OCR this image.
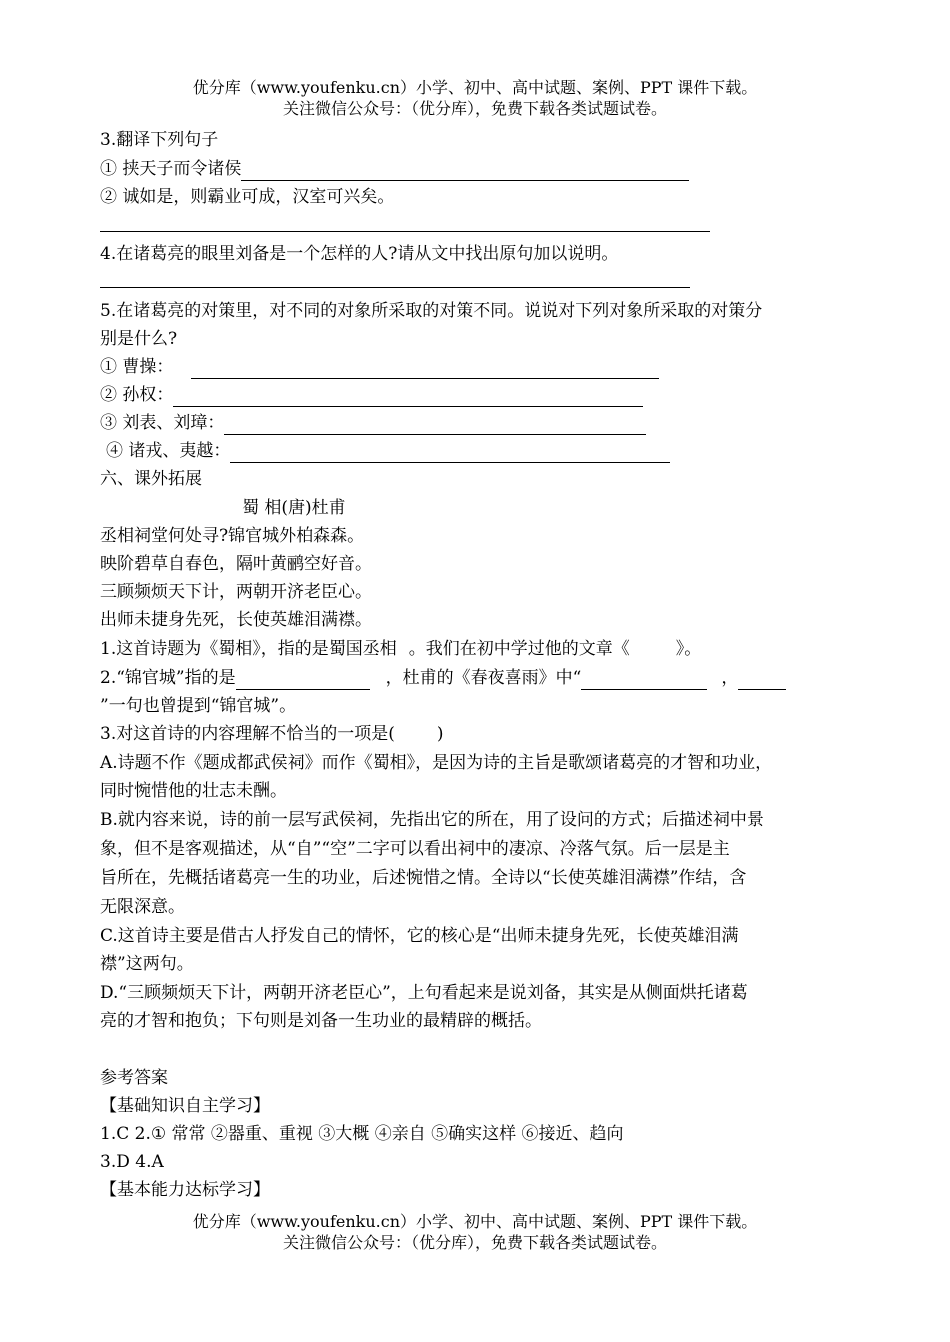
优分库（www.youfenku.cn）小学、初中、高中试题、案例、PPT 课件下载。
关注微信公众号：（优分库），免费下载各类试题试卷。
3.翻译下列句子
① 挟天子而令诸侯
② 诚如是，则霸业可成，汉室可兴矣。
4.在诸葛亮的眼里刘备是一个怎样的人?请从文中找出原句加以说明。
5.在诸葛亮的对策里，对不同的对象所采取的对策不同。说说对下列对象所采取的对策分
别是什么?
① 曹操：
② 孙权：
③ 刘表、刘璋：
④ 诸戎、夷越：
六、课外拓展
蜀 相(唐)杜甫
丞相祠堂何处寻?锦官城外柏森森。
映阶碧草自春色，隔叶黄鹂空好音。
三顾频烦天下计，两朝开济老臣心。
出师未捷身先死，长使英雄泪满襟。
1.这首诗题为《蜀相》，指的是蜀国丞相 。我们在初中学过他的文章《	》。
2.“锦官城”指的是	，杜甫的《春夜喜雨》中“	，
”一句也曾提到“锦官城”。
3.对这首诗的内容理解不恰当的一项是( )
A.诗题不作《题成都武侯祠》而作《蜀相》，是因为诗的主旨是歌颂诸葛亮的才智和功业，
同时惋惜他的壮志未酬。
B.就内容来说，诗的前一层写武侯祠，先指出它的所在，用了设问的方式；后描述祠中景
象，但不是客观描述，从“自”“空”二字可以看出祠中的凄凉、冷落气氛。后一层是主
旨所在，先概括诸葛亮一生的功业，后述惋惜之情。全诗以“长使英雄泪满襟”作结，含
无限深意。
C.这首诗主要是借古人抒发自己的情怀，它的核心是“出师未捷身先死，长使英雄泪满
襟”这两句。
D.“三顾频烦天下计，两朝开济老臣心”，上句看起来是说刘备，其实是从侧面烘托诸葛
亮的才智和抱负；下句则是刘备一生功业的最精辟的概括。
参考答案
【基础知识自主学习】
1.C 2.① 常常 ②器重、重视 ③大概 ④亲自 ⑤确实这样 ⑥接近、趋向
3.D 4.A
【基本能力达标学习】
优分库（www.youfenku.cn）小学、初中、高中试题、案例、PPT 课件下载。
关注微信公众号：（优分库），免费下载各类试题试卷。
